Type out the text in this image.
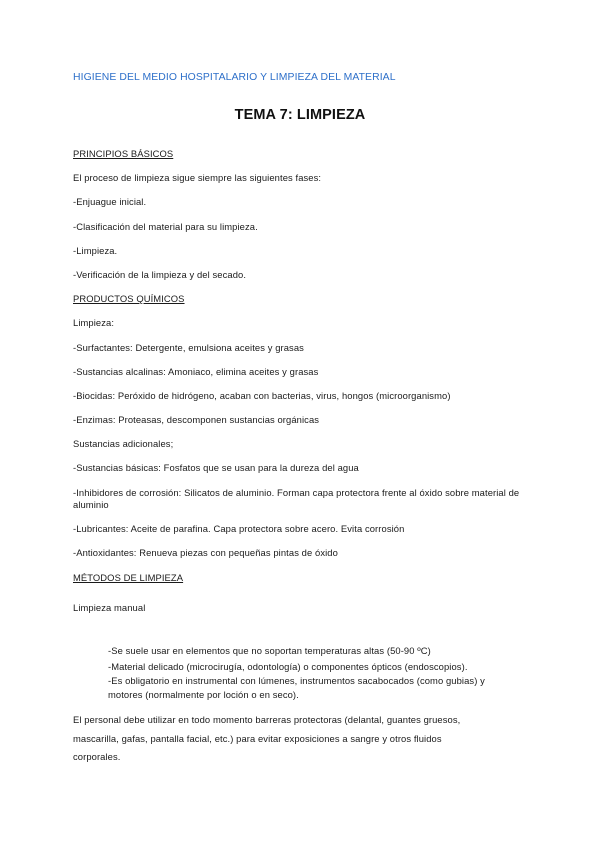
HIGIENE DEL MEDIO HOSPITALARIO Y LIMPIEZA DEL MATERIAL
TEMA 7: LIMPIEZA
PRINCIPIOS BÁSICOS
El proceso de limpieza sigue siempre las siguientes fases:
-Enjuague inicial.
-Clasificación del material para su limpieza.
-Limpieza.
-Verificación de la limpieza y del secado.
PRODUCTOS QUÍMICOS
Limpieza:
-Surfactantes: Detergente, emulsiona aceites y grasas
-Sustancias alcalinas: Amoniaco, elimina aceites y grasas
-Biocidas: Peróxido de hidrógeno, acaban con bacterias, virus, hongos (microorganismo)
-Enzimas: Proteasas, descomponen sustancias orgánicas
Sustancias adicionales;
-Sustancias básicas: Fosfatos que se usan para la dureza del agua
-Inhibidores de corrosión: Silicatos de aluminio. Forman capa protectora frente al óxido sobre material de aluminio
-Lubricantes: Aceite de parafina. Capa protectora sobre acero. Evita corrosión
-Antioxidantes: Renueva piezas con pequeñas pintas de óxido
MÉTODOS DE LIMPIEZA
Limpieza manual
-Se suele usar en elementos que no soportan temperaturas altas (50-90 ºC)
-Material delicado (microcirugía, odontología) o componentes ópticos (endoscopios).
-Es obligatorio en instrumental con lúmenes, instrumentos sacabocados (como gubias) y
motores (normalmente por loción o en seco).
El personal debe utilizar en todo momento barreras protectoras (delantal, guantes gruesos,
mascarilla, gafas, pantalla facial, etc.) para evitar exposiciones a sangre y otros fluidos
corporales.
